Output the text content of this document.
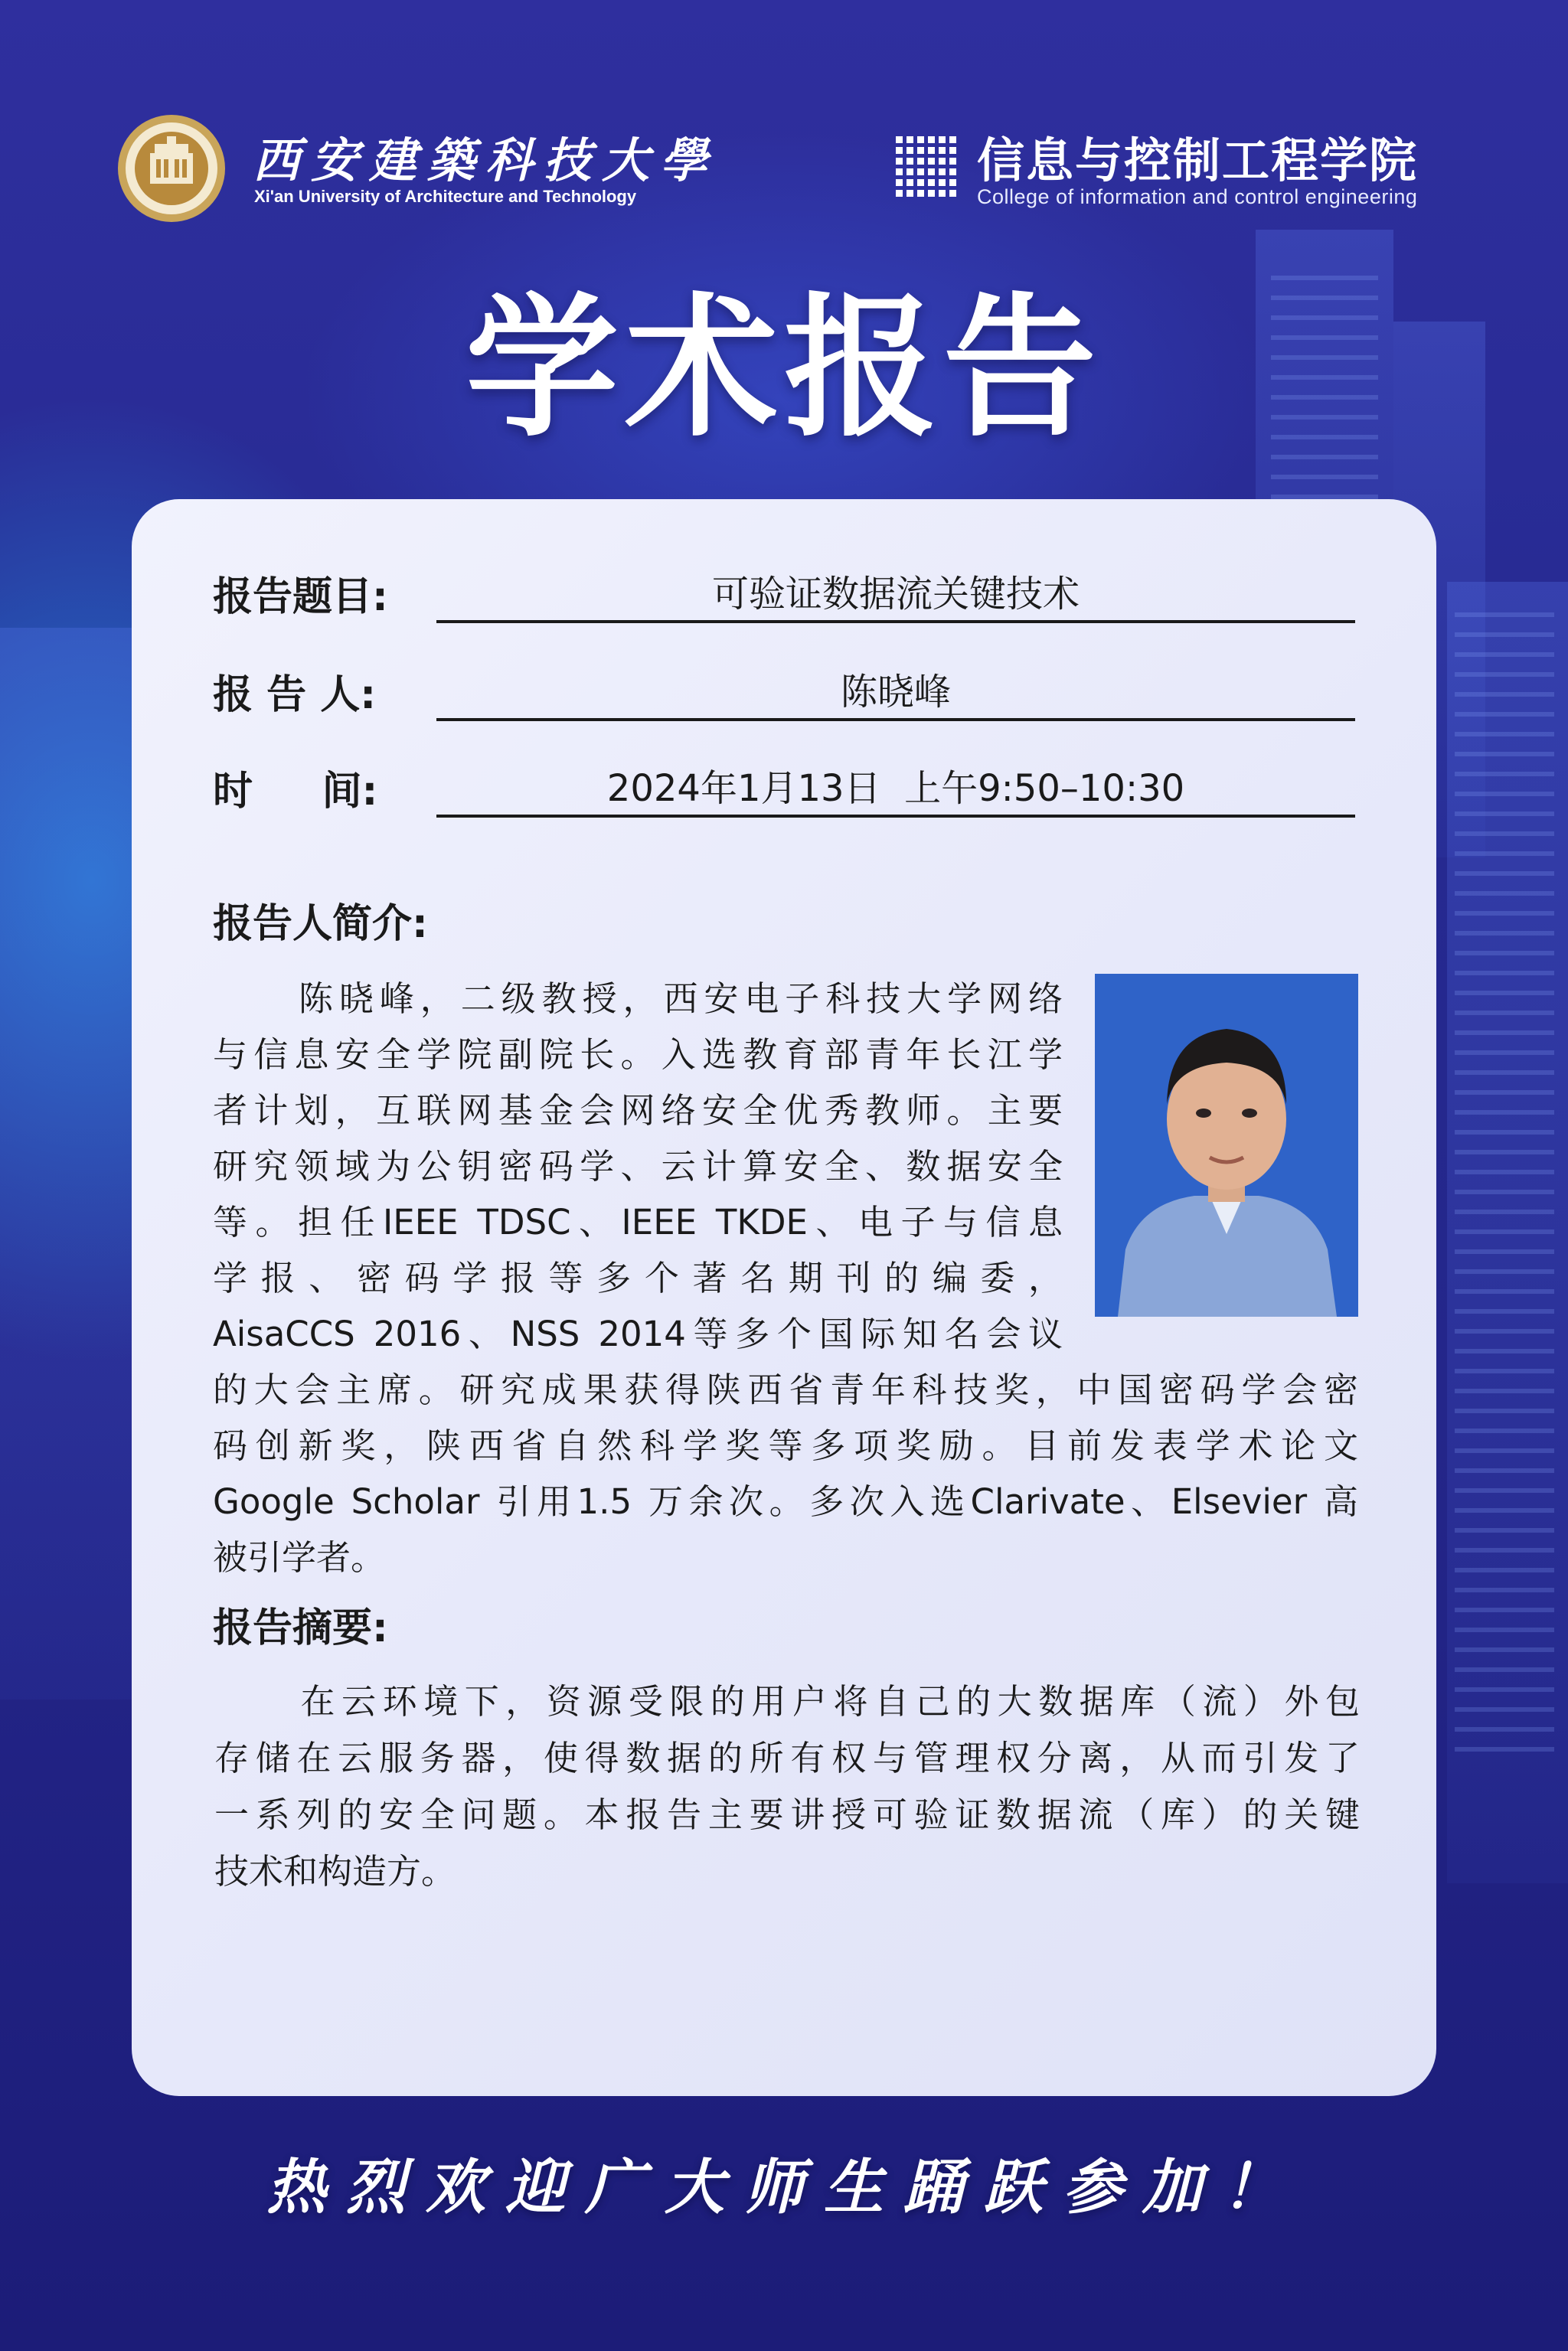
西安建築科技大學
Xi'an University of Architecture and Technology
信息与控制工程学院
College of information and control engineering
学术报告
报告题目:	可验证数据流关键技术
报 告 人:	陈晓峰
时     间:	2024年1月13日  上午9:50–10:30
报告人简介:
陈晓峰，二级教授，西安电子科技大学网络
与信息安全学院副院长。入选教育部青年长江学
者计划，互联网基金会网络安全优秀教师。主要
研究领域为公钥密码学、云计算安全、数据安全
等。担任IEEE TDSC、IEEE TKDE、电子与信息
学报、密码学报等多个著名期刊的编委，
AisaCCS 2016、NSS 2014等多个国际知名会议
的大会主席。研究成果获得陕西省青年科技奖，中国密码学会密
码创新奖，陕西省自然科学奖等多项奖励。目前发表学术论文
Google Scholar 引用1.5 万余次。多次入选Clarivate、Elsevier 高
被引学者。
报告摘要:
在云环境下，资源受限的用户将自己的大数据库（流）外包
存储在云服务器，使得数据的所有权与管理权分离，从而引发了
一系列的安全问题。本报告主要讲授可验证数据流（库）的关键
技术和构造方。
热烈欢迎广大师生踊跃参加！
